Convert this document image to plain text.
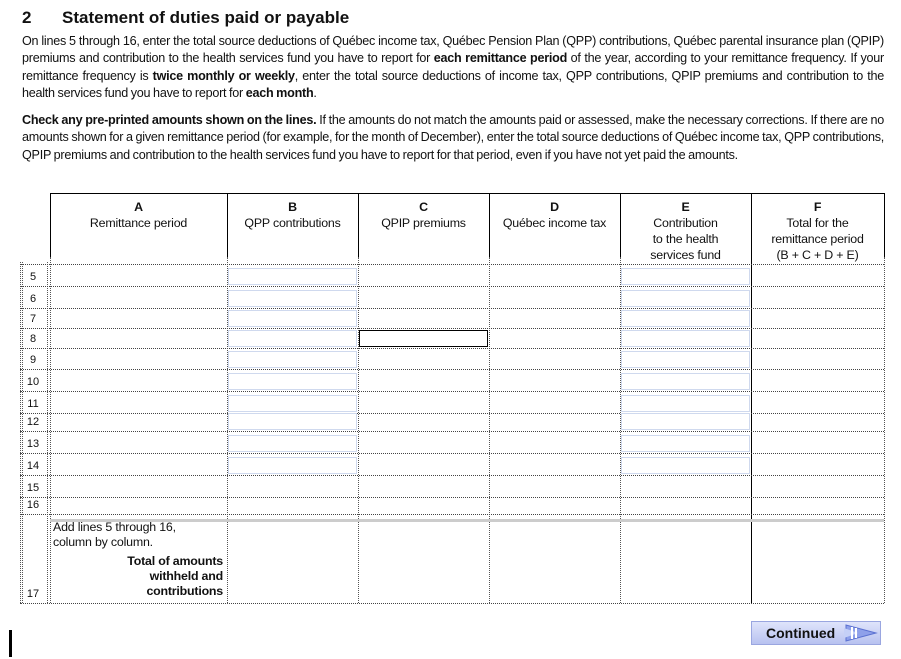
2 Statement of duties paid or payable
On lines 5 through 16, enter the total source deductions of Québec income tax, Québec Pension Plan (QPP) contributions, Québec parental insurance plan (QPIP) premiums and contribution to the health services fund you have to report for each remittance period of the year, according to your remittance frequency. If your remittance frequency is twice monthly or weekly, enter the total source deductions of income tax, QPP contributions, QPIP premiums and contribution to the health services fund you have to report for each month.
Check any pre-printed amounts shown on the lines. If the amounts do not match the amounts paid or assessed, make the necessary corrections. If there are no amounts shown for a given remittance period (for example, for the month of December), enter the total source deductions of Québec income tax, QPP contributions, QPIP premiums and contribution to the health services fund you have to report for that period, even if you have not yet paid the amounts.
A
Remittance period
B
QPP contributions
C
QPIP premiums
D
Québec income tax
E
Contribution
to the health
services fund
F
Total for the
remittance period
(B + C + D + E)
5
6
7
8
9
10
11
12
13
14
15
16
Add lines 5 through 16,
column by column.
Total of amounts
withheld and
contributions
17
Continued
